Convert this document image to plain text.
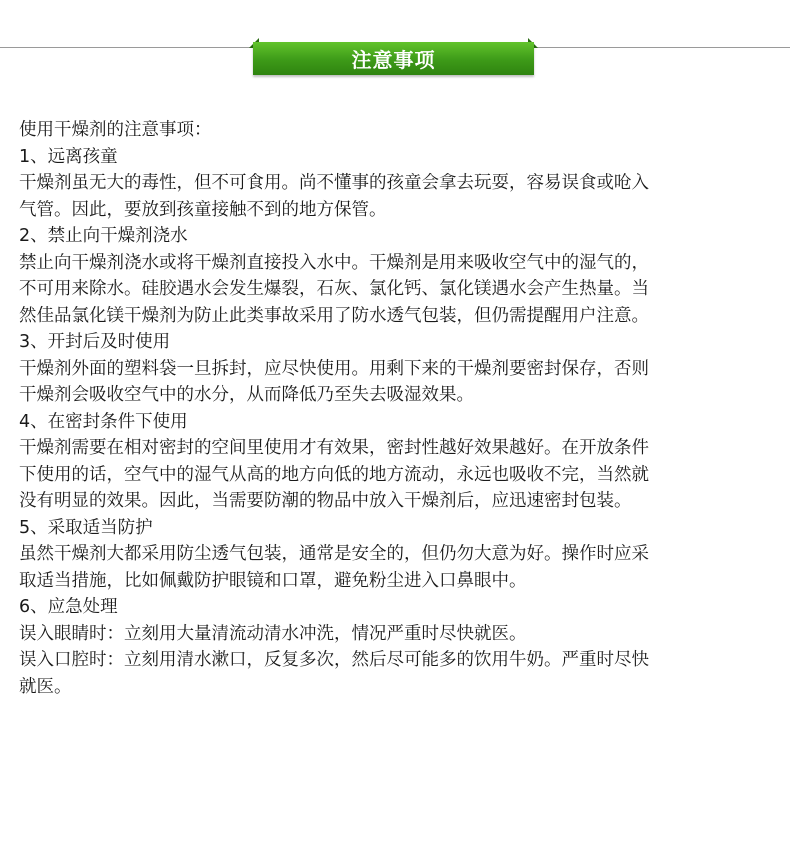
注意事项

使用干燥剂的注意事项：

1、远离孩童

干燥剂虽无大的毒性，但不可食用。尚不懂事的孩童会拿去玩耍，容易误食或呛入

气管。因此，要放到孩童接触不到的地方保管。

2、禁止向干燥剂浇水

禁止向干燥剂浇水或将干燥剂直接投入水中。干燥剂是用来吸收空气中的湿气的，

不可用来除水。硅胶遇水会发生爆裂，石灰、氯化钙、氯化镁遇水会产生热量。当

然佳品氯化镁干燥剂为防止此类事故采用了防水透气包装，但仍需提醒用户注意。

3、开封后及时使用

干燥剂外面的塑料袋一旦拆封，应尽快使用。用剩下来的干燥剂要密封保存，否则

干燥剂会吸收空气中的水分，从而降低乃至失去吸湿效果。

4、在密封条件下使用

干燥剂需要在相对密封的空间里使用才有效果，密封性越好效果越好。在开放条件

下使用的话，空气中的湿气从高的地方向低的地方流动，永远也吸收不完，当然就

没有明显的效果。因此，当需要防潮的物品中放入干燥剂后，应迅速密封包装。

5、采取适当防护

虽然干燥剂大都采用防尘透气包装，通常是安全的，但仍勿大意为好。操作时应采

取适当措施，比如佩戴防护眼镜和口罩，避免粉尘进入口鼻眼中。

6、应急处理

误入眼睛时：立刻用大量清流动清水冲洗，情况严重时尽快就医。

误入口腔时：立刻用清水漱口，反复多次，然后尽可能多的饮用牛奶。严重时尽快

就医。
